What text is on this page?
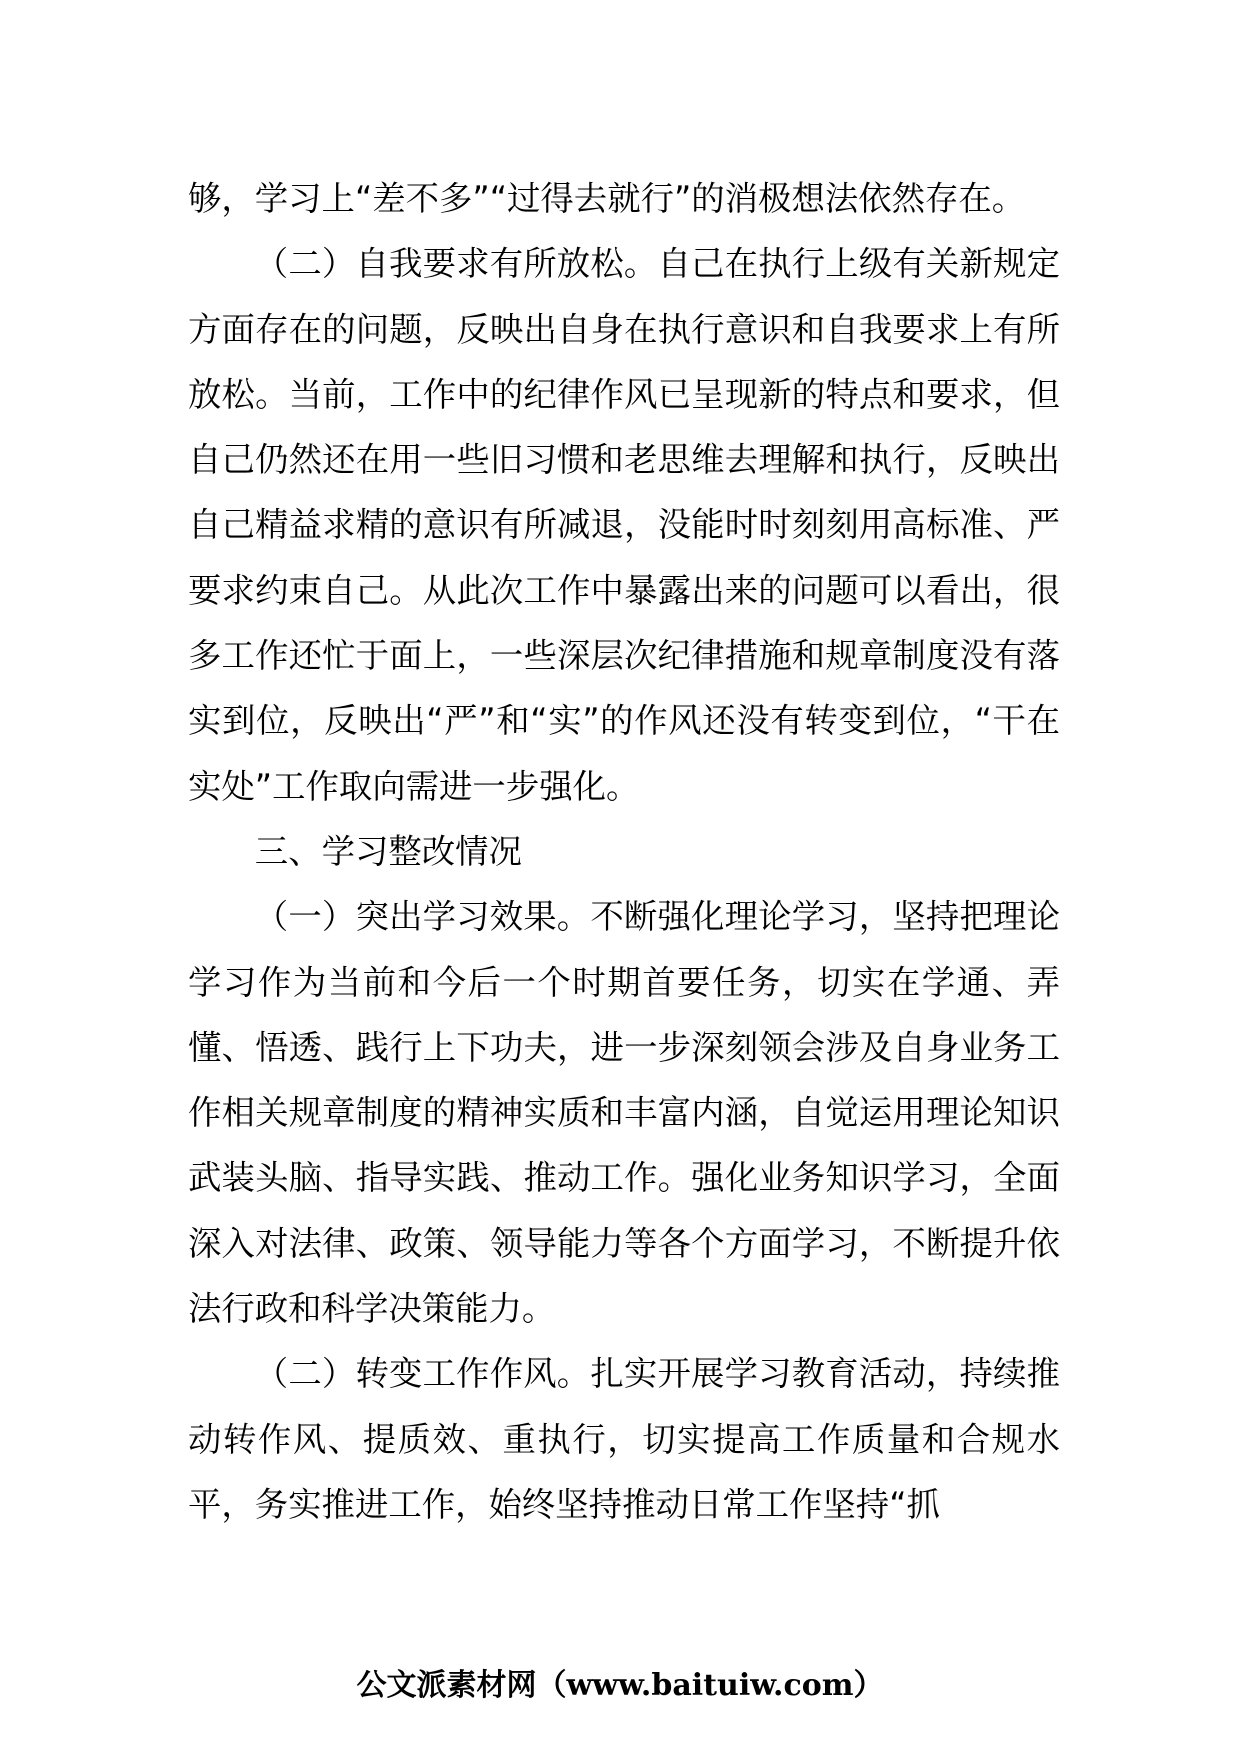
够，学习上“差不多”“过得去就行”的消极想法依然存在。

（二）自我要求有所放松。自己在执行上级有关新规定方面存在的问题，反映出自身在执行意识和自我要求上有所放松。当前，工作中的纪律作风已呈现新的特点和要求，但自己仍然还在用一些旧习惯和老思维去理解和执行，反映出自己精益求精的意识有所减退，没能时时刻刻用高标准、严要求约束自己。从此次工作中暴露出来的问题可以看出，很多工作还忙于面上，一些深层次纪律措施和规章制度没有落实到位，反映出“严”和“实”的作风还没有转变到位，“干在实处”工作取向需进一步强化。

三、学习整改情况

（一）突出学习效果。不断强化理论学习，坚持把理论学习作为当前和今后一个时期首要任务，切实在学通、弄懂、悟透、践行上下功夫，进一步深刻领会涉及自身业务工作相关规章制度的精神实质和丰富内涵，自觉运用理论知识武装头脑、指导实践、推动工作。强化业务知识学习，全面深入对法律、政策、领导能力等各个方面学习，不断提升依法行政和科学决策能力。

（二）转变工作作风。扎实开展学习教育活动，持续推动转作风、提质效、重执行，切实提高工作质量和合规水平，务实推进工作，始终坚持推动日常工作坚持“抓

公文派素材网（www.baituiw.com）
